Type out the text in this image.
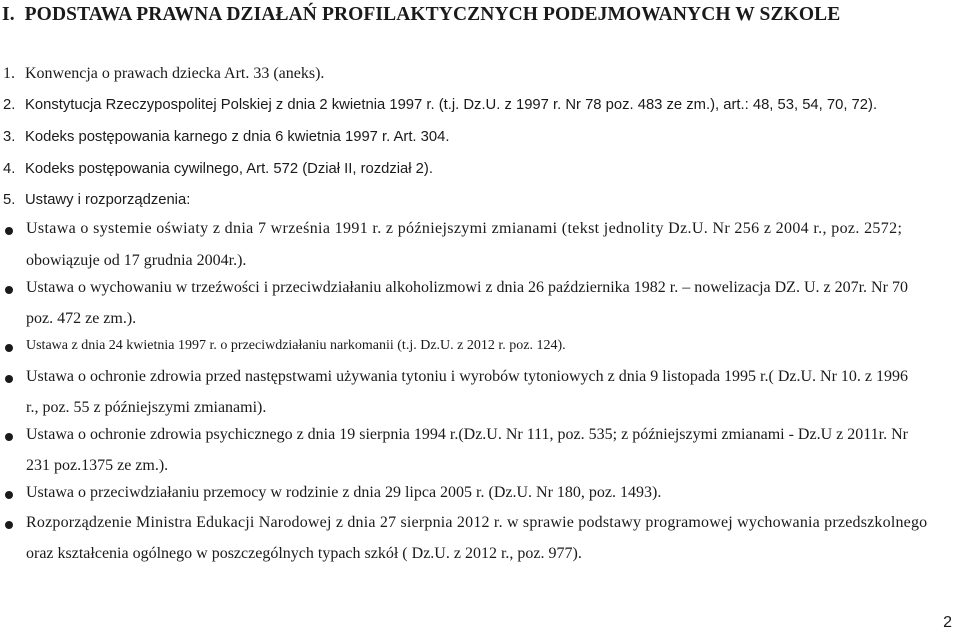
I. PODSTAWA PRAWNA DZIAŁAŃ PROFILAKTYCZNYCH PODEJMOWANYCH W SZKOLE
1. Konwencja o prawach dziecka Art. 33 (aneks).
2. Konstytucja Rzeczypospolitej Polskiej z dnia 2 kwietnia 1997 r. (t.j. Dz.U. z 1997 r. Nr 78 poz. 483 ze zm.), art.: 48, 53, 54, 70, 72).
3. Kodeks postępowania karnego z dnia 6 kwietnia 1997 r. Art. 304.
4. Kodeks postępowania cywilnego, Art. 572 (Dział II, rozdział 2).
5. Ustawy i rozporządzenia:
Ustawa o systemie oświaty z dnia 7 września 1991 r. z późniejszymi zmianami (tekst jednolity Dz.U. Nr 256 z 2004 r., poz. 2572;
obowiązuje od 17 grudnia 2004r.).
Ustawa o wychowaniu w trzeźwości i przeciwdziałaniu alkoholizmowi z dnia 26 października 1982 r. – nowelizacja DZ. U. z 207r. Nr 70
poz. 472 ze zm.).
Ustawa z dnia 24 kwietnia 1997 r. o przeciwdziałaniu narkomanii (t.j. Dz.U. z 2012 r. poz. 124).
Ustawa o ochronie zdrowia przed następstwami używania tytoniu i wyrobów tytoniowych z dnia 9 listopada 1995 r.( Dz.U. Nr 10. z 1996
r., poz. 55 z późniejszymi zmianami).
Ustawa o ochronie zdrowia psychicznego z dnia 19 sierpnia 1994 r.(Dz.U. Nr 111, poz. 535; z późniejszymi zmianami - Dz.U z 2011r. Nr
231 poz.1375 ze zm.).
Ustawa o przeciwdziałaniu przemocy w rodzinie z dnia 29 lipca 2005 r. (Dz.U. Nr 180, poz. 1493).
Rozporządzenie Ministra Edukacji Narodowej z dnia 27 sierpnia 2012 r. w sprawie podstawy programowej wychowania przedszkolnego
oraz kształcenia ogólnego w poszczególnych typach szkół ( Dz.U. z 2012 r., poz. 977).
2
